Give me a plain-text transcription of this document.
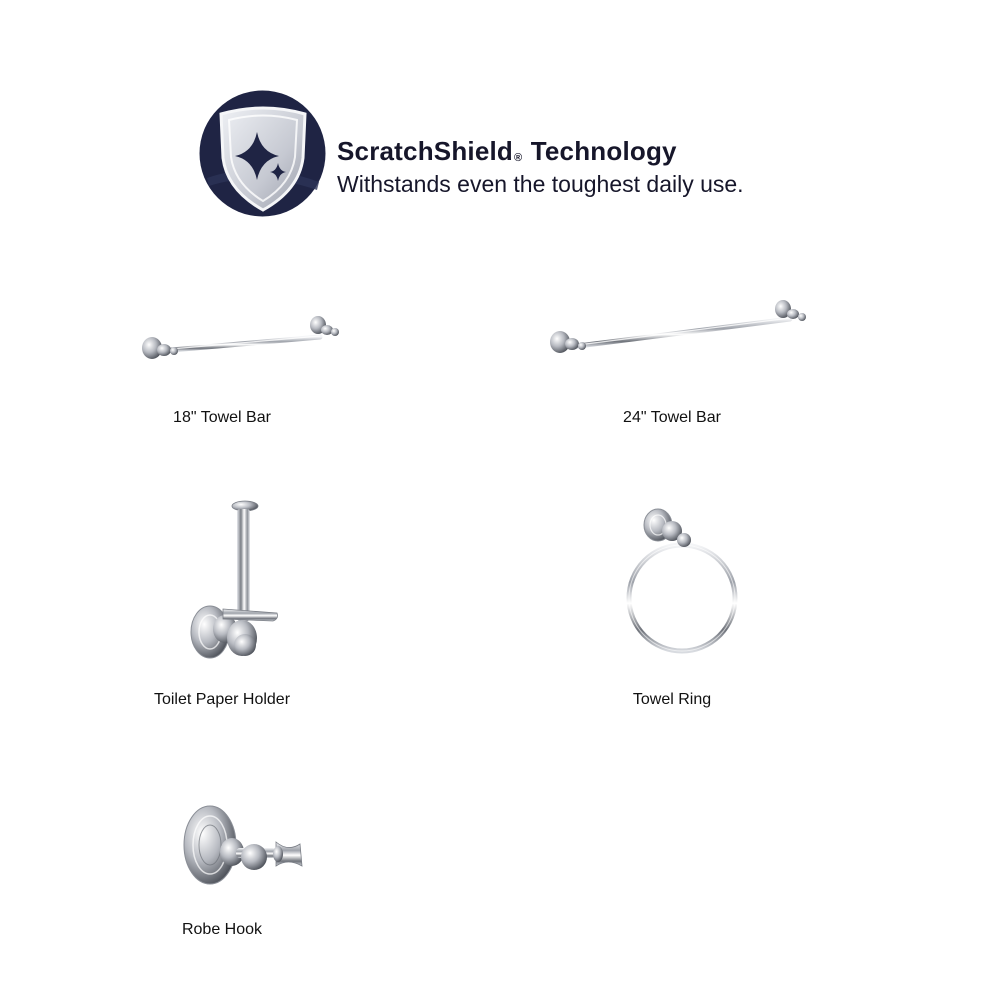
ScratchShield® Technology
Withstands even the toughest daily use.
18" Towel Bar	24" Towel Bar
Toilet Paper Holder	Towel Ring
Robe Hook
